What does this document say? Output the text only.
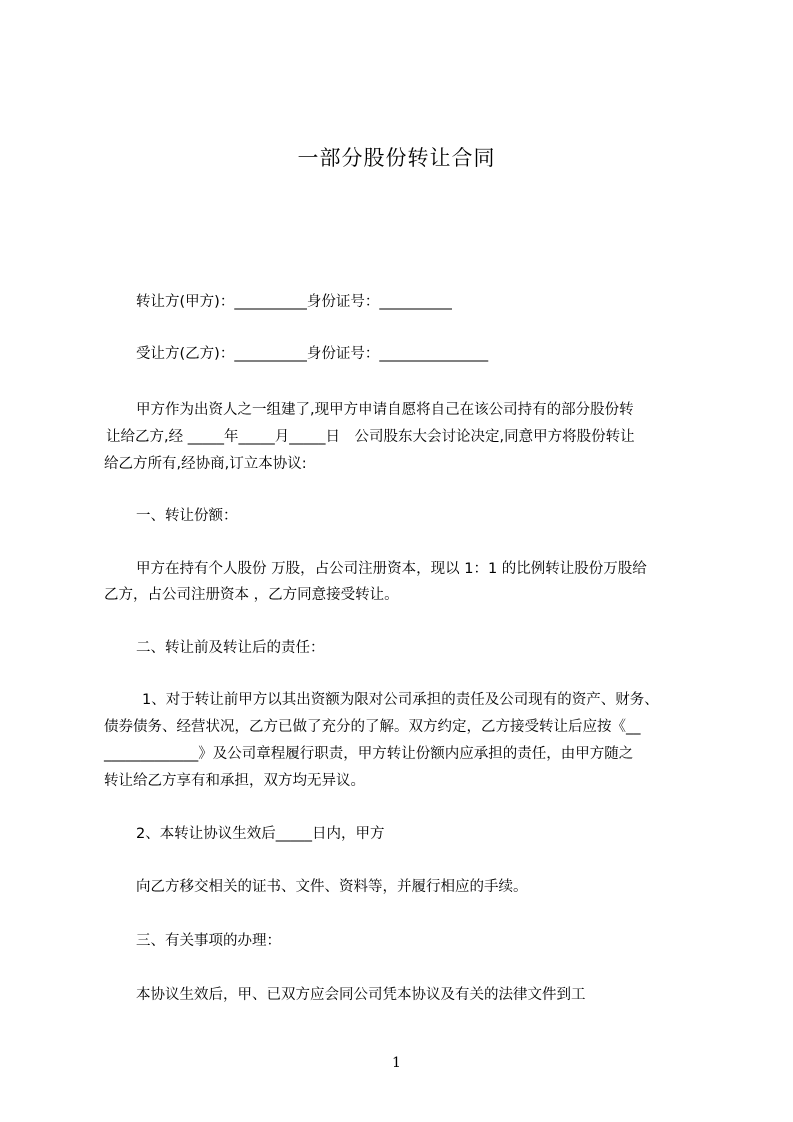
一部分股份转让合同
转让方(甲方)：__________身份证号：__________
受让方(乙方)：__________身份证号：_______________
甲方作为出资人之一组建了,现甲方申请自愿将自己在该公司持有的部分股份转
让给乙方,经 _____年_____月_____日　公司股东大会讨论决定,同意甲方将股份转让
给乙方所有,经协商,订立本协议:
一、转让份额：
甲方在持有个人股份 万股，占公司注册资本，现以 1：1 的比例转让股份万股给
乙方，占公司注册资本 ，乙方同意接受转让。
二、转让前及转让后的责任：
1、对于转让前甲方以其出资额为限对公司承担的责任及公司现有的资产、财务、
债券债务、经营状况，乙方已做了充分的了解。双方约定，乙方接受转让后应按《__
_____________》及公司章程履行职责，甲方转让份额内应承担的责任，由甲方随之
转让给乙方享有和承担，双方均无异议。
2、本转让协议生效后_____日内，甲方
向乙方移交相关的证书、文件、资料等，并履行相应的手续。
三、有关事项的办理：
本协议生效后，甲、已双方应会同公司凭本协议及有关的法律文件到工
1
